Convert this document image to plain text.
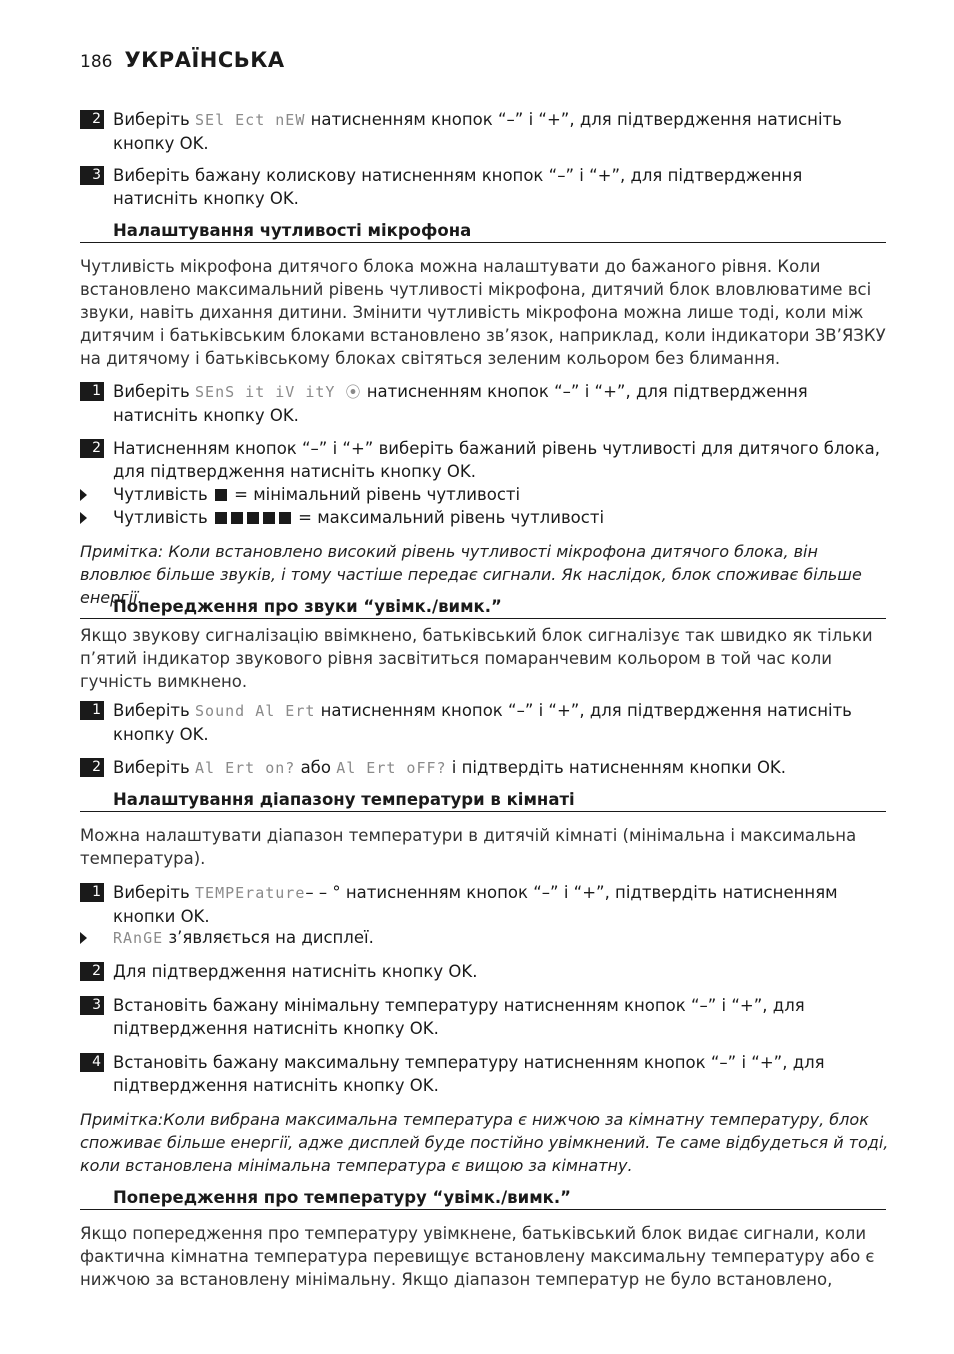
186 УКРАЇНСЬКА
2 Виберіть SEl Ect nEW натисненням кнопок “–” і “+”, для підтвердження натисніть кнопку OK.
3 Виберіть бажану колискову натисненням кнопок “–” і “+”, для підтвердження натисніть кнопку OK.
Налаштування чутливості мікрофона
Чутливість мікрофона дитячого блока можна налаштувати до бажаного рівня. Коли встановлено максимальний рівень чутливості мікрофона, дитячий блок вловлюватиме всі звуки, навіть дихання дитини. Змінити чутливість мікрофона можна лише тоді, коли між дитячим і батьківським блоками встановлено зв’язок, наприклад, коли індикатори ЗВ’ЯЗКУ на дитячому і батьківському блоках світяться зеленим кольором без блимання.
1 Виберіть SEnS it iV itY ⦿ натисненням кнопок “–” і “+”, для підтвердження натисніть кнопку OK.
2 Натисненням кнопок “–” і “+” виберіть бажаний рівень чутливості для дитячого блока, для підтвердження натисніть кнопку OK.
Чутливість  = мінімальний рівень чутливості
Чутливість	= максимальний рівень чутливості
Примітка: Коли встановлено високий рівень чутливості мікрофона дитячого блока, він вловлює більше звуків, і тому частіше передає сигнали. Як наслідок, блок споживає більше енергії.
Попередження про звуки “увімк./вимк.”
Якщо звукову сигналізацію ввімкнено, батьківський блок сигналізує так швидко як тільки п’ятий індикатор звукового рівня засвітиться помаранчевим кольором в той час коли гучність вимкнено.
1 Виберіть Sound Al Ert натисненням кнопок “–” і “+”, для підтвердження натисніть кнопку OK.
2 Виберіть Al Ert on? або Al Ert oFF? і підтвердіть натисненням кнопки OK.
Налаштування діапазону температури в кімнаті
Можна налаштувати діапазон температури в дитячій кімнаті (мінімальна і максимальна температура).
1 Виберіть TEMPErature– – ° натисненням кнопок “–” і “+”, підтвердіть натисненням кнопки OK.
RAnGE з’являється на дисплеї.
2 Для підтвердження натисніть кнопку OK.
3 Встановіть бажану мінімальну температуру натисненням кнопок “–” і “+”, для підтвердження натисніть кнопку OK.
4 Встановіть бажану максимальну температуру натисненням кнопок “–” і “+”, для підтвердження натисніть кнопку OK.
Примітка:Коли вибрана максимальна температура є нижчою за кімнатну температуру, блок споживає більше енергії, адже дисплей буде постійно увімкнений. Те саме відбудеться й тоді, коли встановлена мінімальна температура є вищою за кімнатну.
Попередження про температуру “увімк./вимк.”
Якщо попередження про температуру увімкнене, батьківський блок видає сигнали, коли фактична кімнатна температура перевищує встановлену максимальну температуру або є нижчою за встановлену мінімальну. Якщо діапазон температур не було встановлено,
